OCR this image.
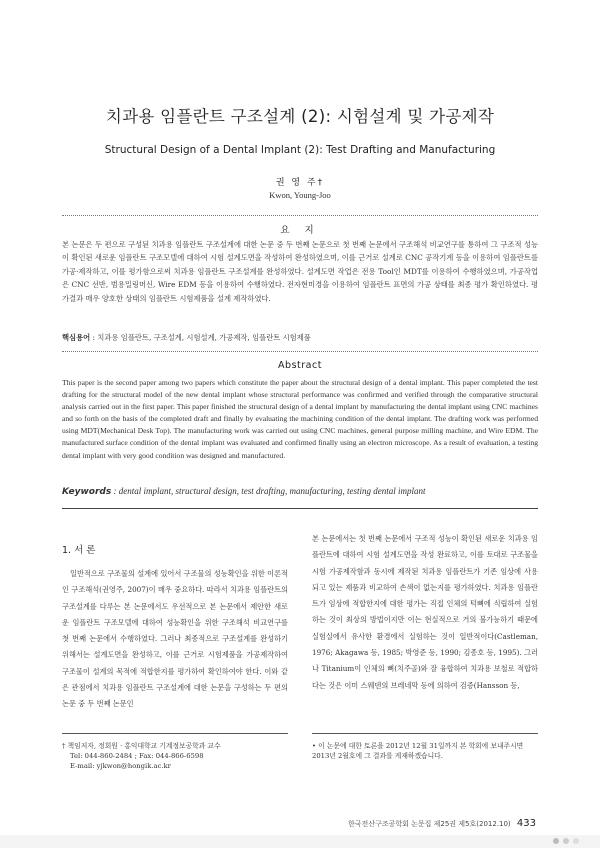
치과용 임플란트 구조설계 (2): 시험설계 및 가공제작
Structural Design of a Dental Implant (2): Test Drafting and Manufacturing
권 영 주†
Kwon, Young-Joo
요 지
본 논문은 두 편으로 구성된 치과용 임플란트 구조설계에 대한 논문 중 두 번째 논문으로 첫 번째 논문에서 구조해석 비교연구를 통하여 그 구조적 성능이 확인된 새로운 임플란트 구조모델에 대하여 시험 설계도면을 작성하여 완성하였으며, 이를 근거로 설계로 CNC 공작기계 등을 이용하여 임플란트를 가공·제작하고, 이를 평가함으로써 치과용 임플란트 구조설계를 완성하였다. 설계도면 작업은 전용 Tool인 MDT를 이용하여 수행하였으며, 가공작업은 CNC 선반, 범용밀링머신, Wire EDM 등을 이용하여 수행하였다. 전자현미경을 이용하여 임플란트 표면의 가공 상태를 최종 평가 확인하였다. 평가결과 매우 양호한 상태의 임플란트 시험제품을 설계 제작하였다.
핵심용어 : 치과용 임플란트, 구조설계, 시험설계, 가공제작, 임플란트 시험제품
Abstract
This paper is the second paper among two papers which constitute the paper about the structural design of a dental implant. This paper completed the test drafting for the structural model of the new dental implant whose structural performance was confirmed and verified through the comparative structural analysis carried out in the first paper. This paper finished the structural design of a dental implant by manufacturing the dental implant using CNC machines and so forth on the basis of the completed draft and finally by evaluating the machining condition of the dental implant. The drafting work was performed using MDT(Mechanical Desk Top). The manufacturing work was carried out using CNC machines, general purpose milling machine, and Wire EDM. The manufactured surface condition of the dental implant was evaluated and confirmed finally using an electron microscope. As a result of evaluation, a testing dental implant with very good condition was designed and manufactured.
Keywords : dental implant, structural design, test drafting, manufacturing, testing dental implant
1. 서 론

일반적으로 구조물의 설계에 있어서 구조물의 성능확인을 위한 이론적인 구조해석(권영주, 2007)이 매우 중요하다. 따라서 치과용 임플란트의 구조설계를 다루는 본 논문에서도 우선적으로 본 논문에서 제안한 새로운 임플란트 구조모델에 대하여 성능확인을 위한 구조해석 비교연구를 첫 번째 논문에서 수행하였다. 그러나 최종적으로 구조설계를 완성하기 위해서는 설계도면을 완성하고, 이를 근거로 시험제품을 가공제작하여 구조물이 설계의 목적에 적합한지를 평가하여 확인하여야 한다. 이와 같은 관점에서 치과용 임플란트 구조설계에 대한 논문을 구성하는 두 편의 논문 중 두 번째 논문인

본 논문에서는 첫 번째 논문에서 구조적 성능이 확인된 새로운 치과용 임플란트에 대하여 시험 설계도면을 작성 완료하고, 이를 토대로 구조물을 시험 가공제작함과 동시에 제작된 치과용 임플란트가 기존 임상에 사용되고 있는 제품과 비교하여 손색이 없는지를 평가하였다. 치과용 임플란트가 임상에 적합한지에 대한 평가는 직접 인체의 턱뼈에 식립하여 실험하는 것이 최상의 방법이지만 이는 현실적으로 거의 불가능하기 때문에 실험실에서 유사한 환경에서 실험하는 것이 일반적이다(Castleman, 1976; Akagawa 등, 1985; 박영준 등, 1990; 김종호 등, 1995). 그러나 Titanium이 인체의 뼈(치주골)와 잘 융합하여 치과용 보철로 적합하다는 것은 이미 스웨덴의 브레네막 등에 의하여 검증(Hansson 등,

† 책임저자, 정회원 · 홍익대학교 기계정보공학과 교수
Tel: 044-860-2484 ; Fax: 044-866-6598
E-mail: yjkwon@hongik.ac.kr
• 이 논문에 대한 토론을 2012년 12월 31일까지 본 학회에 보내주시면 2013년 2월호에 그 결과를 게재하겠습니다.
한국전산구조공학회 논문집 제25권 제5호(2012.10) 433
